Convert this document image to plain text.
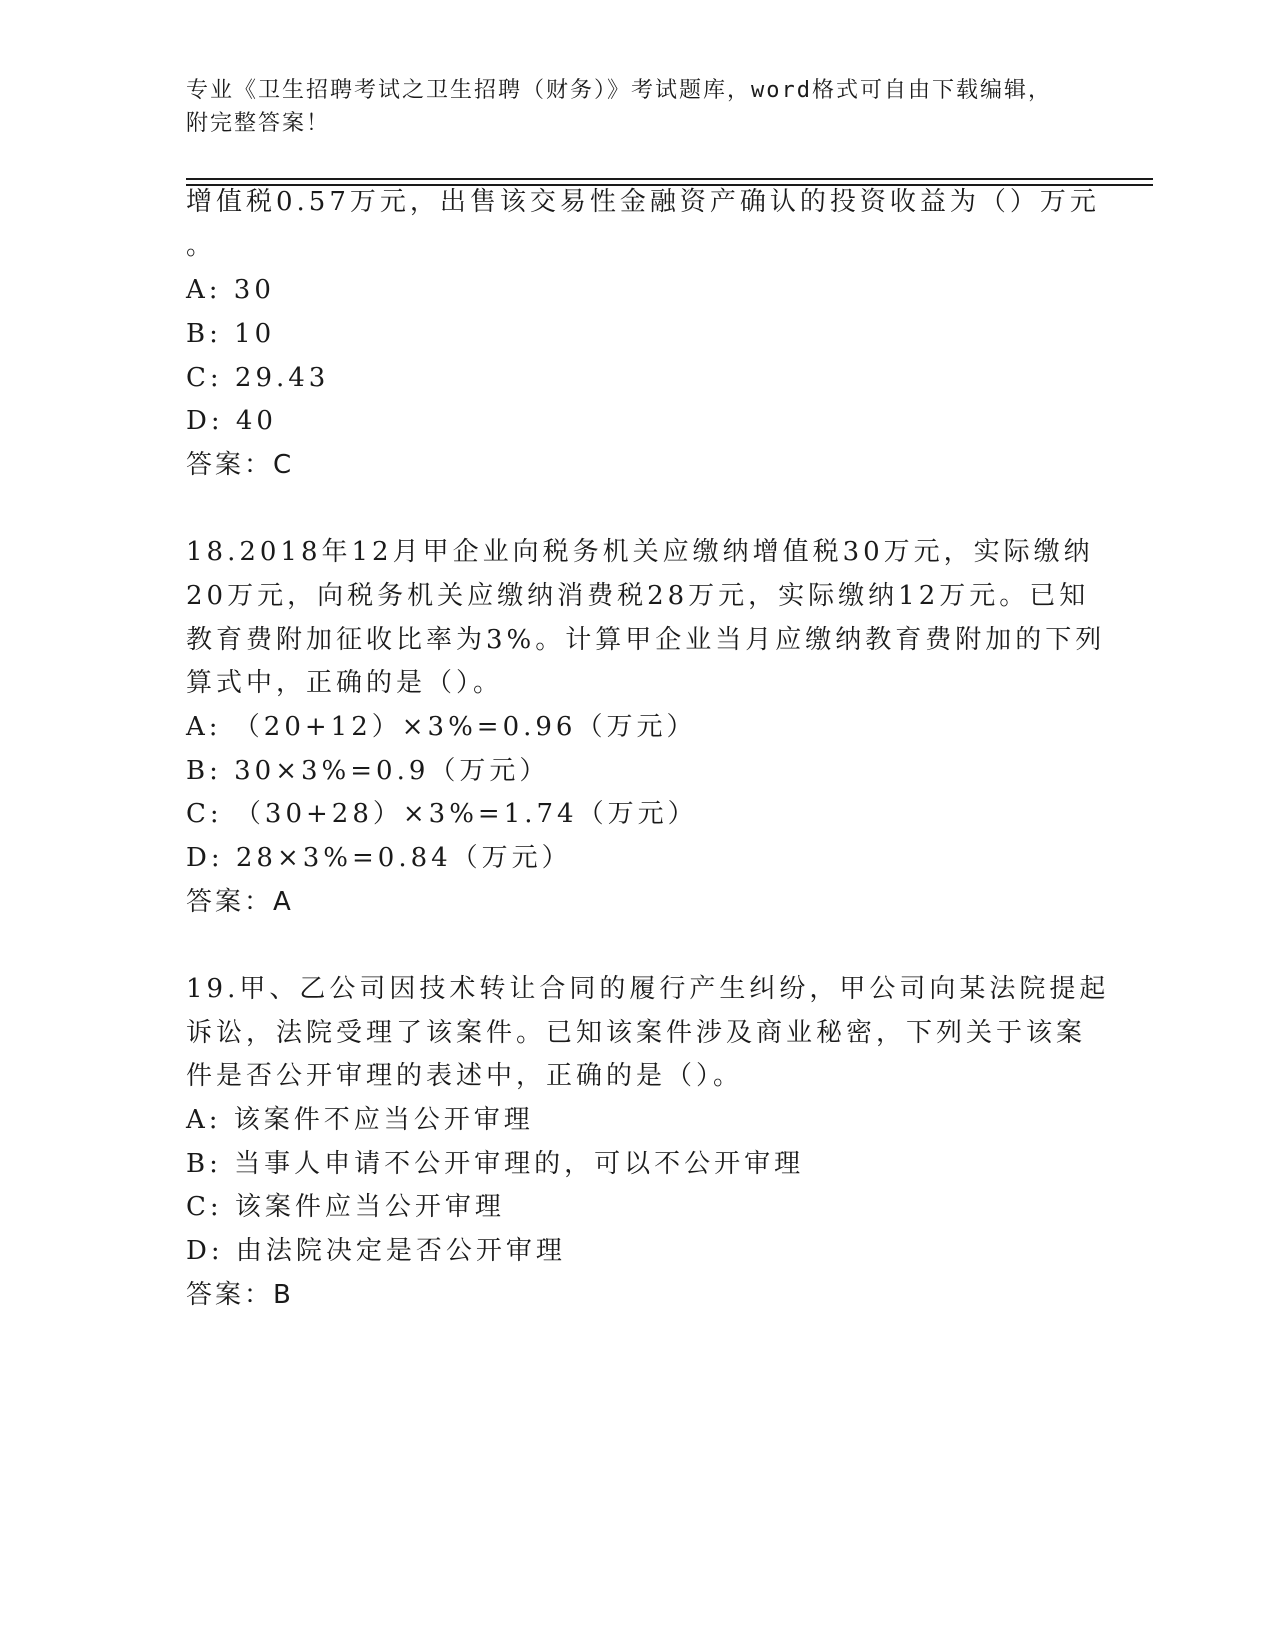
专业《卫生招聘考试之卫生招聘（财务）》考试题库，word格式可自由下载编辑，附完整答案！
增值税0.57万元，出售该交易性金融资产确认的投资收益为（）万元
。
A: 30
B: 10
C: 29.43
D: 40
答案：C
18.2018年12月甲企业向税务机关应缴纳增值税30万元，实际缴纳
20万元，向税务机关应缴纳消费税28万元，实际缴纳12万元。已知
教育费附加征收比率为3%。计算甲企业当月应缴纳教育费附加的下列
算式中，正确的是（）。
A: （20+12）×3%=0.96（万元）
B: 30×3%=0.9（万元）
C: （30+28）×3%=1.74（万元）
D: 28×3%=0.84（万元）
答案：A
19.甲、乙公司因技术转让合同的履行产生纠纷，甲公司向某法院提起
诉讼，法院受理了该案件。已知该案件涉及商业秘密，下列关于该案
件是否公开审理的表述中，正确的是（）。
A: 该案件不应当公开审理
B: 当事人申请不公开审理的，可以不公开审理
C: 该案件应当公开审理
D: 由法院决定是否公开审理
答案：B
